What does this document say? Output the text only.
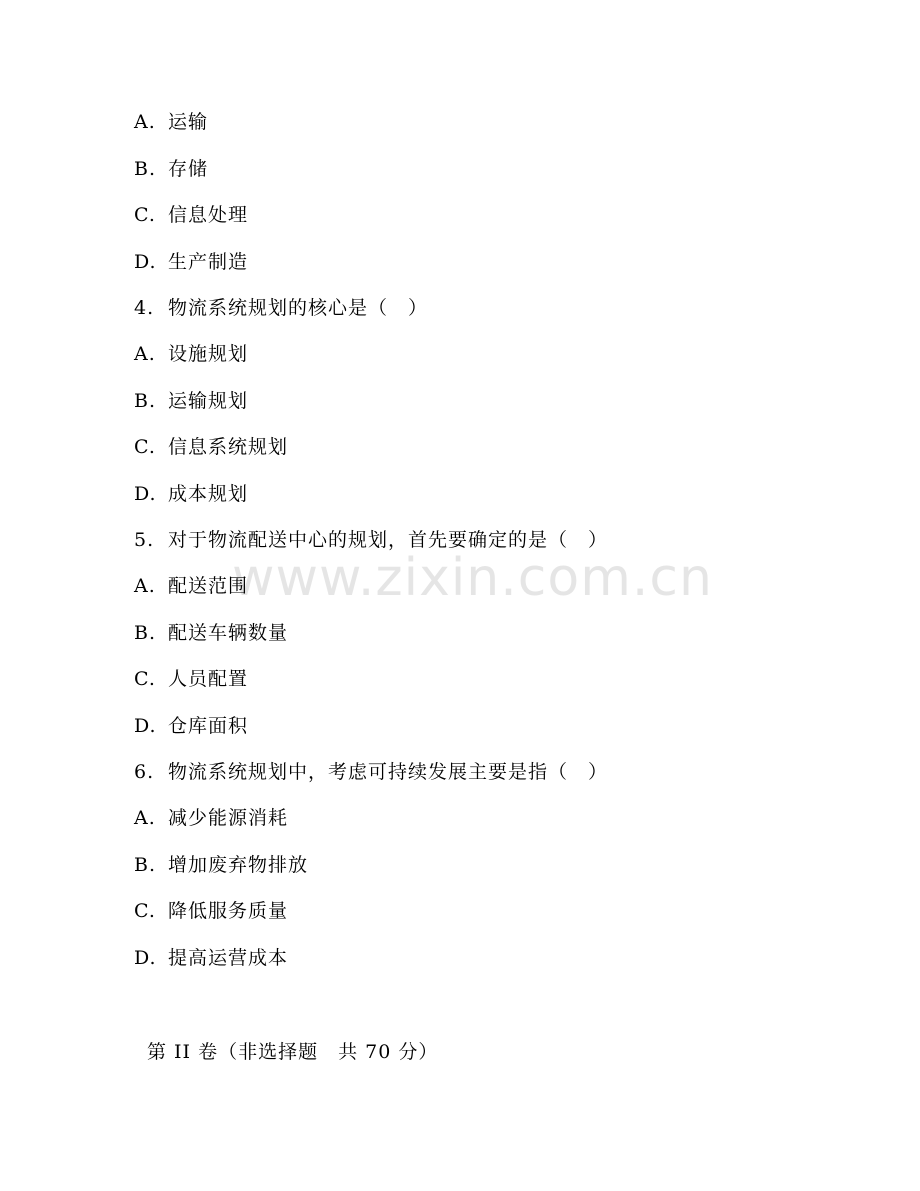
www.zixin.com.cn
A. 运输
B. 存储
C. 信息处理
D. 生产制造
4. 物流系统规划的核心是（　）
A. 设施规划
B. 运输规划
C. 信息系统规划
D. 成本规划
5. 对于物流配送中心的规划，首先要确定的是（　）
A. 配送范围
B. 配送车辆数量
C. 人员配置
D. 仓库面积
6. 物流系统规划中，考虑可持续发展主要是指（　）
A. 减少能源消耗
B. 增加废弃物排放
C. 降低服务质量
D. 提高运营成本
第 II 卷（非选择题　共 70 分）
